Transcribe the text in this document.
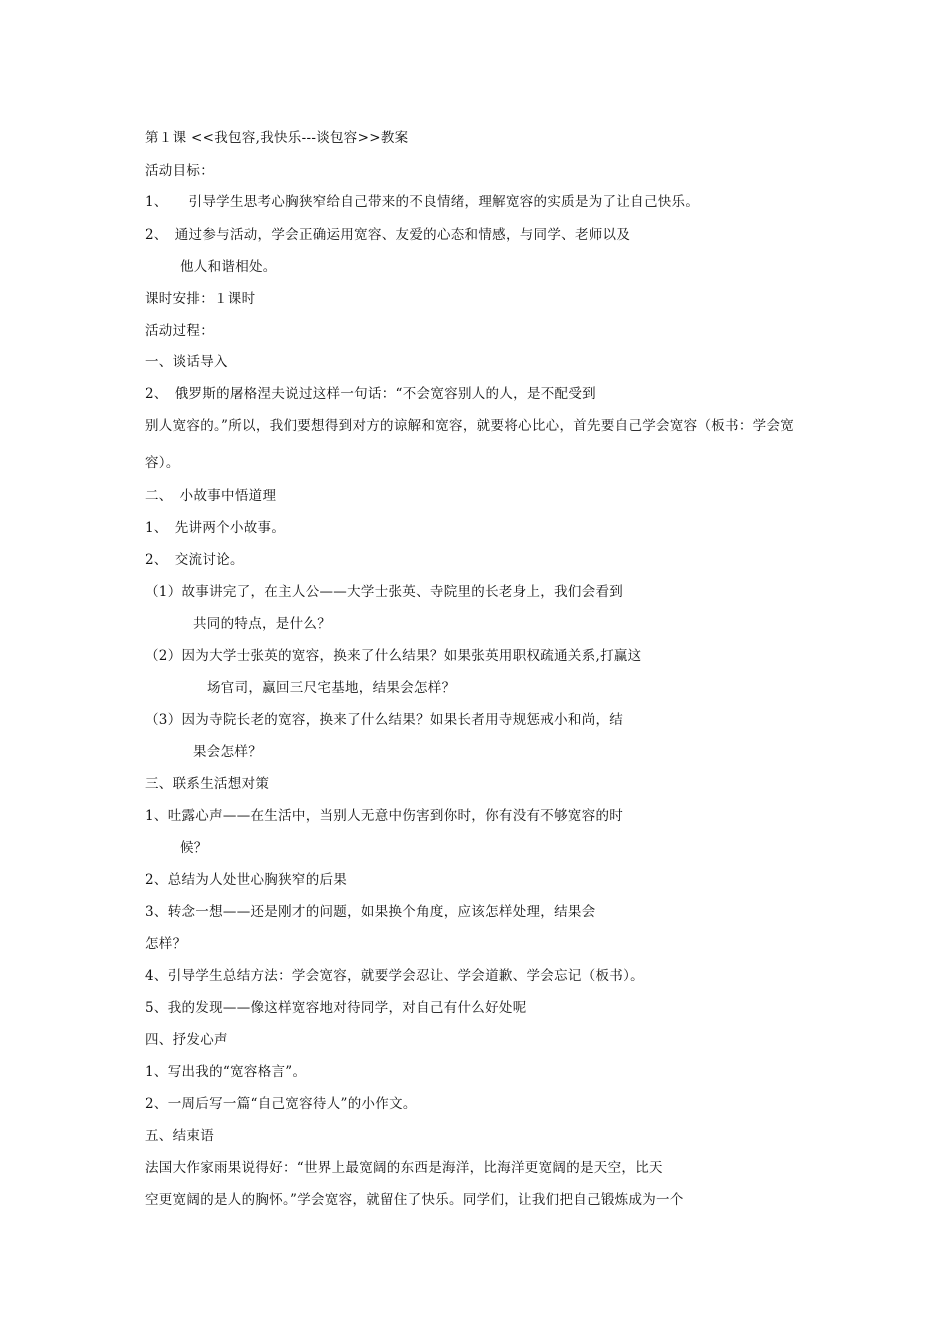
第１课 <<我包容,我快乐---谈包容>>教案
活动目标：
1、　　引导学生思考心胸狭窄给自己带来的不良情绪，理解宽容的实质是为了让自己快乐。
2、　通过参与活动，学会正确运用宽容、友爱的心态和情感，与同学、老师以及
他人和谐相处。
课时安排：１课时
活动过程：
一、谈话导入
2、　俄罗斯的屠格涅夫说过这样一句话：“不会宽容别人的人，是不配受到
别人宽容的。”所以，我们要想得到对方的谅解和宽容，就要将心比心，首先要自己学会宽容（板书：学会宽
容）。
二、　小故事中悟道理
1、　先讲两个小故事。
2、　交流讨论。
（1）故事讲完了，在主人公——大学士张英、寺院里的长老身上，我们会看到
共同的特点，是什么？
（2）因为大学士张英的宽容，换来了什么结果？如果张英用职权疏通关系,打赢这
场官司，赢回三尺宅基地，结果会怎样？
（3）因为寺院长老的宽容，换来了什么结果？如果长者用寺规惩戒小和尚，结
果会怎样？
三、联系生活想对策
1、吐露心声——在生活中，当别人无意中伤害到你时，你有没有不够宽容的时
候？
2、总结为人处世心胸狭窄的后果
3、转念一想——还是刚才的问题，如果换个角度，应该怎样处理，结果会
怎样？
4、引导学生总结方法：学会宽容，就要学会忍让、学会道歉、学会忘记（板书）。
5、我的发现——像这样宽容地对待同学，对自己有什么好处呢
四、抒发心声
1、写出我的“宽容格言”。
2、一周后写一篇“自己宽容待人”的小作文。
五、结束语
法国大作家雨果说得好：“世界上最宽阔的东西是海洋，比海洋更宽阔的是天空，比天
空更宽阔的是人的胸怀。”学会宽容，就留住了快乐。同学们，让我们把自己锻炼成为一个
